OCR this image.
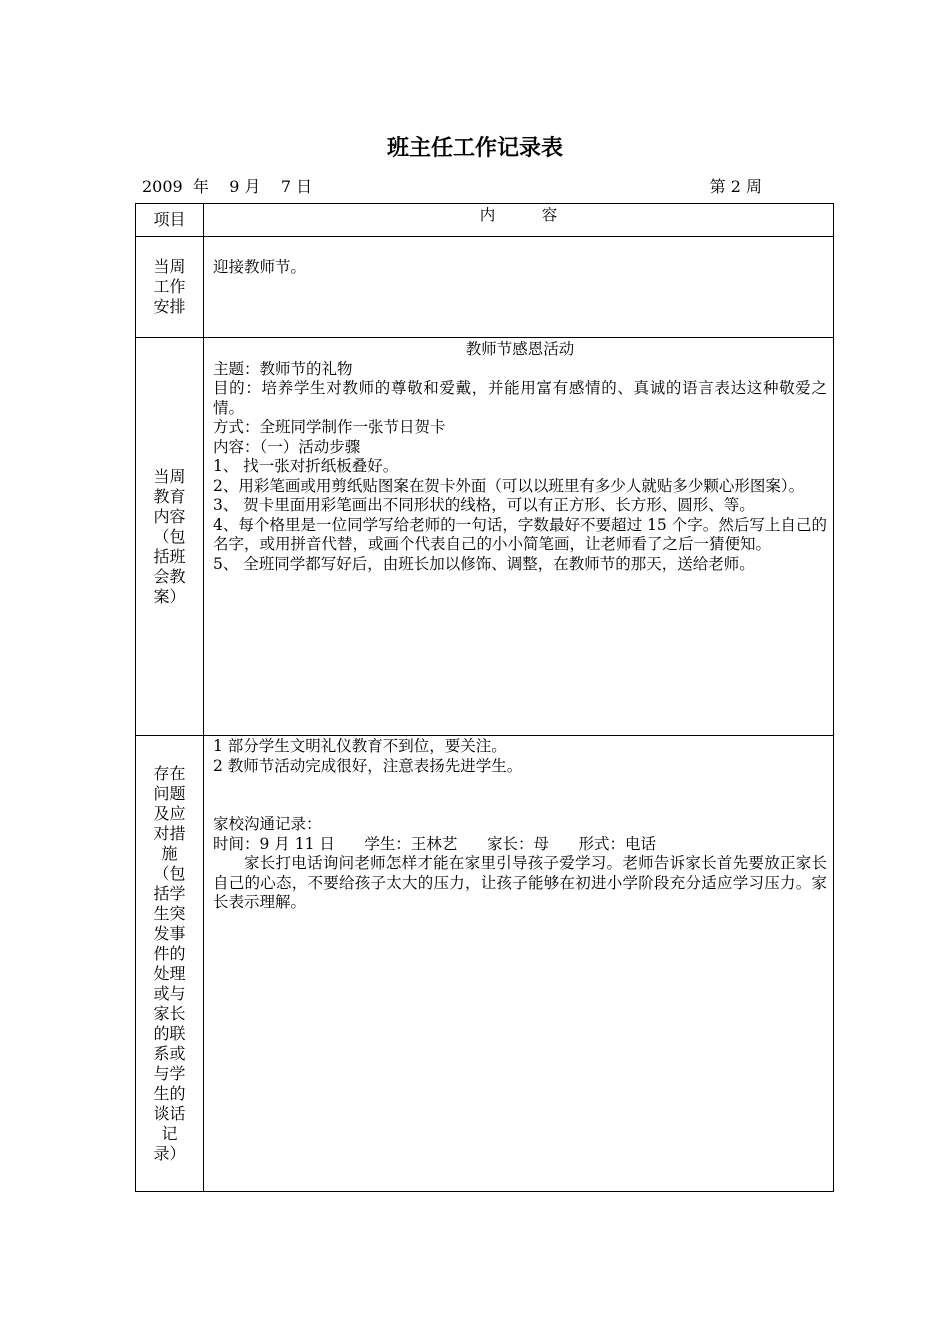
班主任工作记录表
2009  年    9 月    7 日	第 2 周
项目	内　　　容
当周工作安排

迎接教师节。

当周教育内容（包括班会教案）

教师节感恩活动

主题：教师节的礼物

目的：培养学生对教师的尊敬和爱戴，并能用富有感情的、真诚的语言表达这种敬爱之情。

方式：全班同学制作一张节日贺卡

内容：（一）活动步骤

1、 找一张对折纸板叠好。

2、用彩笔画或用剪纸贴图案在贺卡外面（可以以班里有多少人就贴多少颗心形图案）。

3、 贺卡里面用彩笔画出不同形状的线格，可以有正方形、长方形、圆形、等。

4、每个格里是一位同学写给老师的一句话，字数最好不要超过 15 个字。然后写上自己的名字，或用拼音代替，或画个代表自己的小小简笔画，让老师看了之后一猜便知。

5、 全班同学都写好后，由班长加以修饰、调整，在教师节的那天，送给老师。

存在问题及应对措施（包括学生突发事件的处理或与家长的联系或与学生的谈话记录）

1 部分学生文明礼仪教育不到位，要关注。

2 教师节活动完成很好，注意表扬先进学生。

家校沟通记录：

时间：9 月 11 日      学生：王林艺      家长：母      形式：电话

家长打电话询问老师怎样才能在家里引导孩子爱学习。老师告诉家长首先要放正家长自己的心态，不要给孩子太大的压力，让孩子能够在初进小学阶段充分适应学习压力。家长表示理解。
